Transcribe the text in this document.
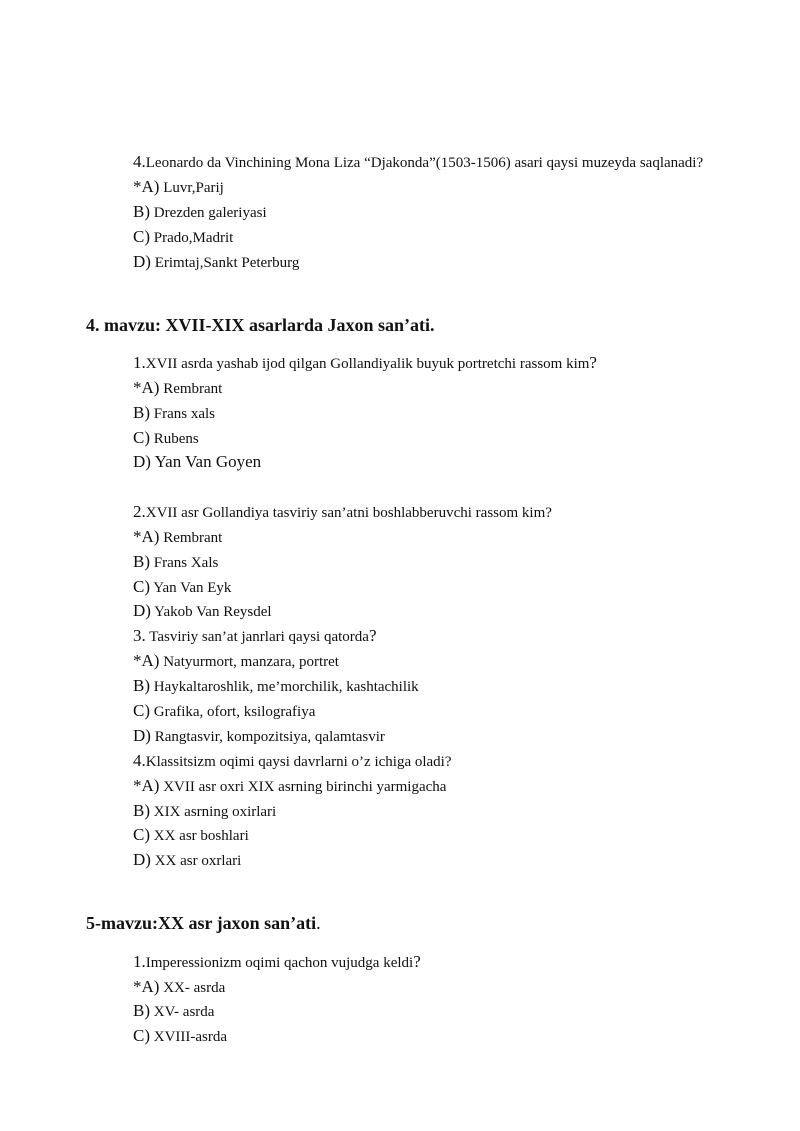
4.Leonardo da Vinchining Mona Liza “Djakonda”(1503-1506) asari qaysi muzeyda saqlanadi?
*A) Luvr,Parij
B) Drezden galeriyasi
C) Prado,Madrit
D) Erimtaj,Sankt Peterburg
4. mavzu: XVII-XIX asarlarda Jaxon san’ati.
1.XVII asrda yashab ijod qilgan Gollandiyalik buyuk portretchi rassom kim?
*A) Rembrant
B) Frans xals
C) Rubens
D) Yan Van Goyen
2.XVII asr Gollandiya tasviriy san’atni boshlabberuvchi rassom kim?
*A) Rembrant
B) Frans Xals
C) Yan Van Eyk
D) Yakob Van Reysdel
3. Tasviriy san’at janrlari qaysi qatorda?
*A) Natyurmort, manzara, portret
B) Haykaltaroshlik, me’morchilik, kashtachilik
C) Grafika, ofort, ksilografiya
D) Rangtasvir, kompozitsiya, qalamtasvir
4.Klassitsizm oqimi qaysi davrlarni o’z ichiga oladi?
*A) XVII asr oxri XIX asrning birinchi yarmigacha
B) XIX asrning oxirlari
C) XX asr boshlari
D) XX asr oxrlari
5-mavzu:XX asr jaxon san’ati.
1.Imperessionizm oqimi qachon vujudga keldi?
*A) XX- asrda
B) XV- asrda
C) XVIII-asrda
